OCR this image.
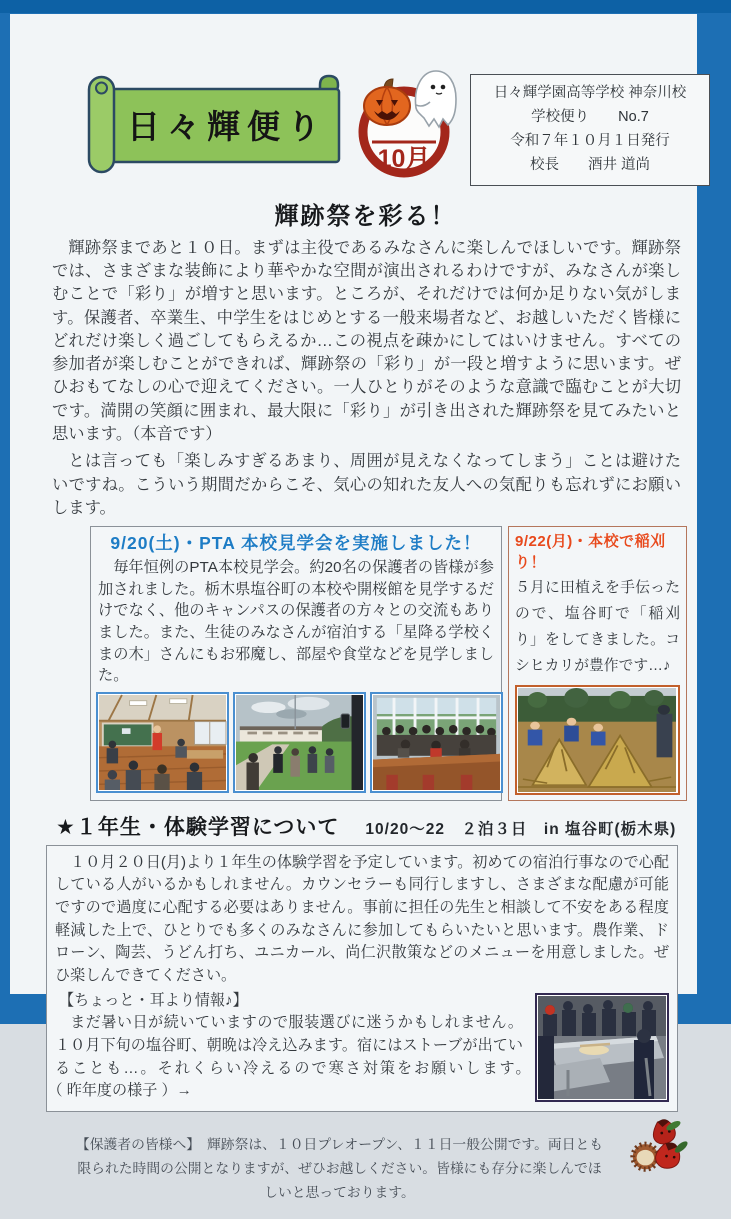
日々輝便り
10月
日々輝学園高等学校 神奈川校
学校便り　　No.7
令和７年１０月１日発行
校長　　酒井 道尚
輝跡祭を彩る！

輝跡祭まであと１０日。まずは主役であるみなさんに楽しんでほしいです。輝跡祭では、さまざまな装飾により華やかな空間が演出されるわけですが、みなさんが楽しむことで「彩り」が増すと思います。ところが、それだけでは何か足りない気がします。保護者、卒業生、中学生をはじめとする一般来場者など、お越しいただく皆様にどれだけ楽しく過ごしてもらえるか…この視点を疎かにしてはいけません。すべての参加者が楽しむことができれば、輝跡祭の「彩り」が一段と増すように思います。ぜひおもてなしの心で迎えてください。一人ひとりがそのような意識で臨むことが大切です。満開の笑顔に囲まれ、最大限に「彩り」が引き出された輝跡祭を見てみたいと思います。（本音です）

とは言っても「楽しみすぎるあまり、周囲が見えなくなってしまう」ことは避けたいですね。こういう期間だからこそ、気心の知れた友人への気配りも忘れずにお願いします。

9/20(土)・PTA 本校見学会を実施しました！

毎年恒例のPTA本校見学会。約20名の保護者の皆様が参加されました。栃木県塩谷町の本校や開桜館を見学するだけでなく、他のキャンパスの保護者の方々との交流もありました。また、生徒のみなさんが宿泊する「星降る学校くまの木」さんにもお邪魔し、部屋や食堂などを見学しました。

9/22(月)・本校で稲刈り！

５月に田植えを手伝ったので、塩谷町で「稲刈り」をしてきました。コシヒカリが豊作です…♪

★１年生・体験学習について 10/20～22　２泊３日　in 塩谷町(栃木県)

１０月２０日(月)より１年生の体験学習を予定しています。初めての宿泊行事なので心配している人がいるかもしれません。カウンセラーも同行しますし、さまざまな配慮が可能ですので過度に心配する必要はありません。事前に担任の先生と相談して不安をある程度軽減した上で、ひとりでも多くのみなさんに参加してもらいたいと思います。農作業、ドローン、陶芸、うどん打ち、ユニカール、尚仁沢散策などのメニューを用意しました。ぜひ楽しんできてください。

【ちょっと・耳より情報♪】

まだ暑い日が続いていますので服装選びに迷うかもしれません。１０月下旬の塩谷町、朝晩は冷え込みます。宿にはストーブが出ていることも…。それくらい冷えるので寒さ対策をお願いします。　（ 昨年度の様子 ）→

【保護者の皆様へ】　輝跡祭は、１０日プレオープン、１１日一般公開です。両日とも限られた時間の公開となりますが、ぜひお越しください。皆様にも存分に楽しんでほしいと思っております。
